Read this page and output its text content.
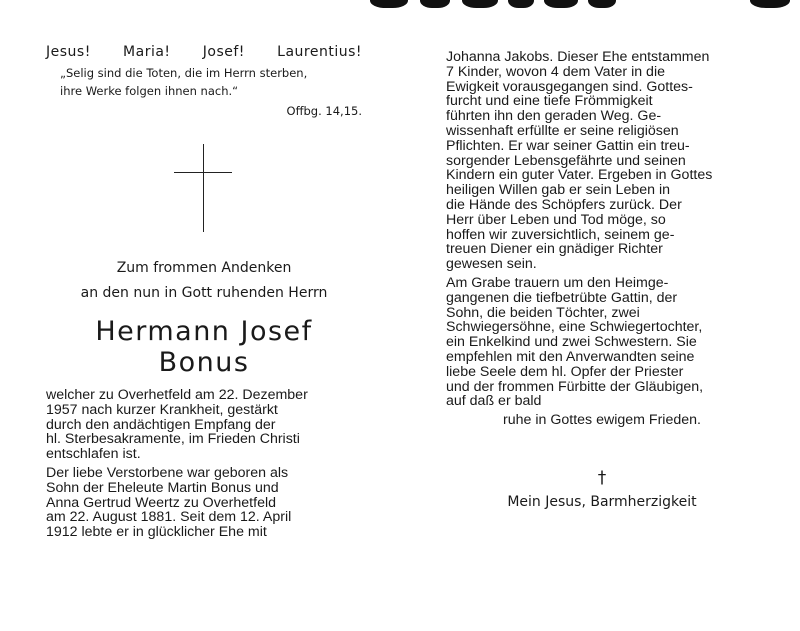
Jesus! Maria! Josef! Laurentius!
„Selig sind die Toten, die im Herrn sterben,
ihre Werke folgen ihnen nach.“
Offbg. 14,15.
Zum frommen Andenken
an den nun in Gott ruhenden Herrn
Hermann Josef Bonus

welcher zu Overhetfeld am 22. Dezember
1957 nach kurzer Krankheit, gestärkt
durch den andächtigen Empfang der
hl. Sterbesakramente, im Frieden Christi
entschlafen ist.

Der liebe Verstorbene war geboren als
Sohn der Eheleute Martin Bonus und
Anna Gertrud Weertz zu Overhetfeld
am 22. August 1881. Seit dem 12. April
1912 lebte er in glücklicher Ehe mit

Johanna Jakobs. Dieser Ehe entstammen
7 Kinder, wovon 4 dem Vater in die
Ewigkeit vorausgegangen sind. Gottes-
furcht und eine tiefe Frömmigkeit
führten ihn den geraden Weg. Ge-
wissenhaft erfüllte er seine religiösen
Pflichten. Er war seiner Gattin ein treu-
sorgender Lebensgefährte und seinen
Kindern ein guter Vater. Ergeben in Gottes
heiligen Willen gab er sein Leben in
die Hände des Schöpfers zurück. Der
Herr über Leben und Tod möge, so
hoffen wir zuversichtlich, seinem ge-
treuen Diener ein gnädiger Richter
gewesen sein.

Am Grabe trauern um den Heimge-
gangenen die tiefbetrübte Gattin, der
Sohn, die beiden Töchter, zwei
Schwiegersöhne, eine Schwiegertochter,
ein Enkelkind und zwei Schwestern. Sie
empfehlen mit den Anverwandten seine
liebe Seele dem hl. Opfer der Priester
und der frommen Fürbitte der Gläubigen,
auf daß er bald

ruhe in Gottes ewigem Frieden.
†
Mein Jesus, Barmherzigkeit
